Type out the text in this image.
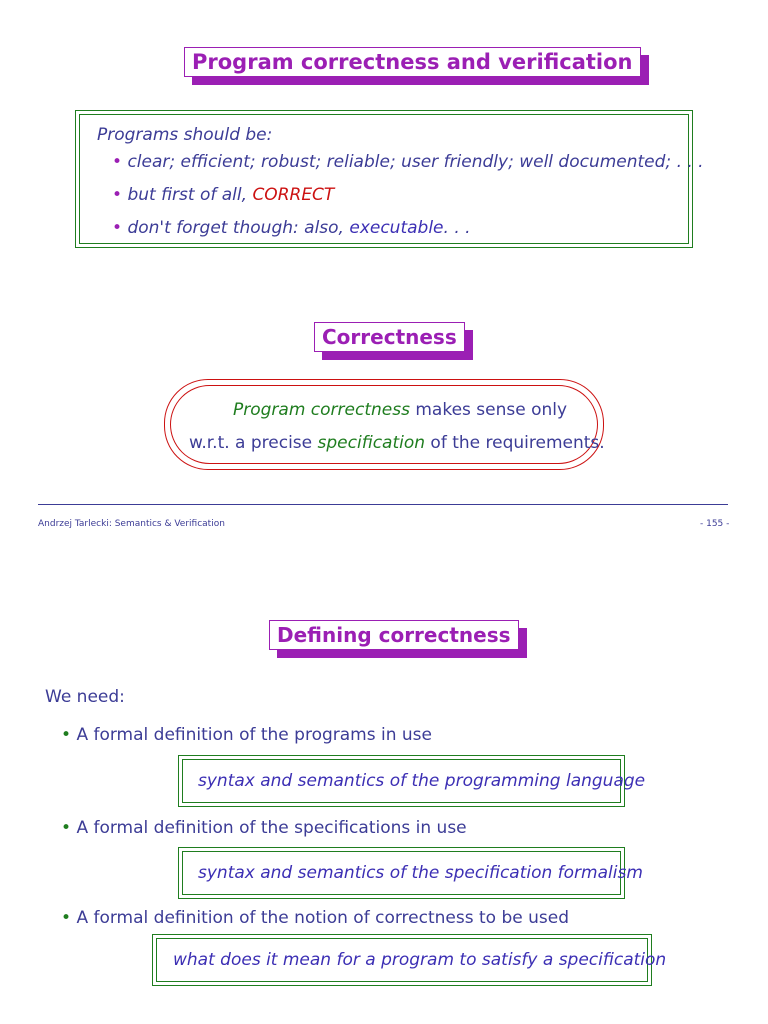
Program correctness and verification
Programs should be:
• clear; efficient; robust; reliable; user friendly; well documented; . . .
• but first of all, CORRECT
• don't forget though: also, executable. . .
Correctness
Program correctness makes sense only
w.r.t. a precise specification of the requirements.
Andrzej Tarlecki: Semantics & Verification	- 155 -
Defining correctness
We need:
• A formal definition of the programs in use
syntax and semantics of the programming language
• A formal definition of the specifications in use
syntax and semantics of the specification formalism
• A formal definition of the notion of correctness to be used
what does it mean for a program to satisfy a specification
